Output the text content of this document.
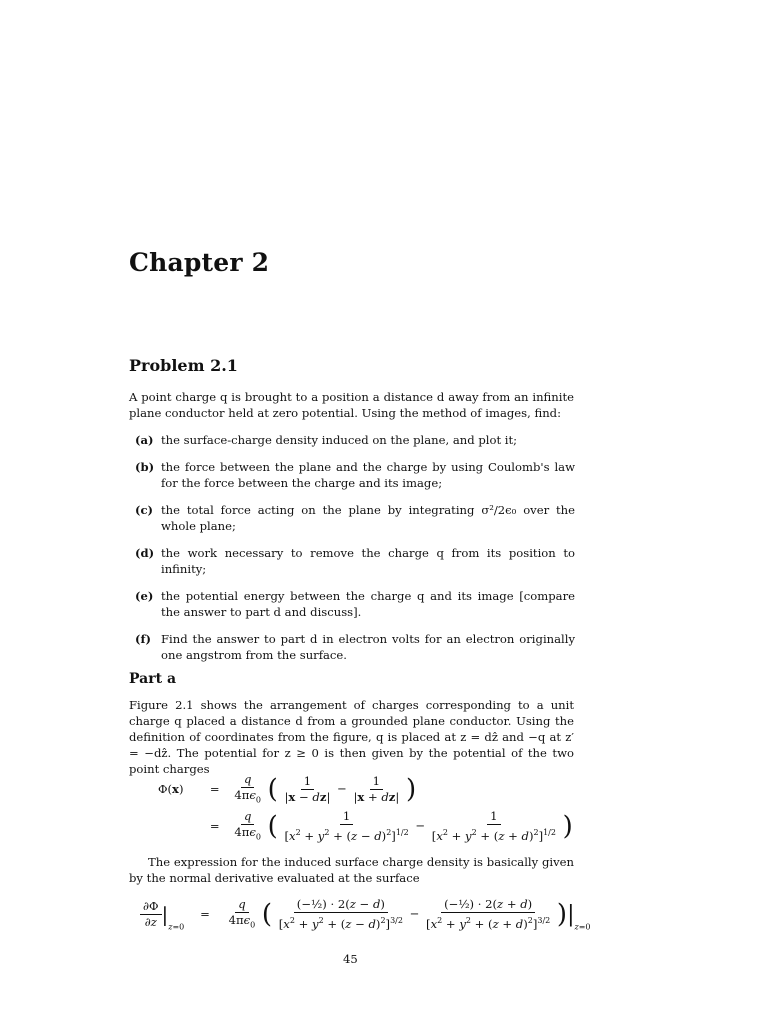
Chapter 2
Problem 2.1
A point charge q is brought to a position a distance d away from an infinite plane conductor held at zero potential. Using the method of images, find:
(a) the surface-charge density induced on the plane, and plot it;
(b) the force between the plane and the charge by using Coulomb's law for the force between the charge and its image;
(c) the total force acting on the plane by integrating σ²/2ϵ₀ over the whole plane;
(d) the work necessary to remove the charge q from its position to infinity;
(e) the potential energy between the charge q and its image [compare the answer to part d and discuss].
(f) Find the answer to part d in electron volts for an electron originally one angstrom from the surface.
Part a
Figure 2.1 shows the arrangement of charges corresponding to a unit charge q placed a distance d from a grounded plane conductor. Using the definition of coordinates from the figure, q is placed at z = dẑ and −q at z′ = −dẑ. The potential for z ≥ 0 is then given by the potential of the two point charges
$\Phi(x) = \frac{q}{4\pi\epsilon_0}$ ( $\frac{1}{|x - dz|} - \frac{1}{|x + dz|}$ )
= $\frac{q}{4\pi\epsilon_0}$ ( $\frac{1}{[x^2 + y^2 + (z - d)^2]^{1/2}} - \frac{1}{[x^2 + y^2 + (z + d)^2]^{1/2}}$ )
The expression for the induced surface charge density is basically given by the normal derivative evaluated at the surface
$\frac{\partial\Phi}{\partial z} |_{z=0} = \frac{q}{4\pi\epsilon_0}$ ( $\frac{\text{(−½) · 2(z − d)}}{[x^2 + y^2 + (z - d)^2]^{3/2}} - \frac{\text{(−½) · 2(z + d)}}{[x^2 + y^2 + (z + d)^2]^{3/2}} )|_{z=0}$
45
